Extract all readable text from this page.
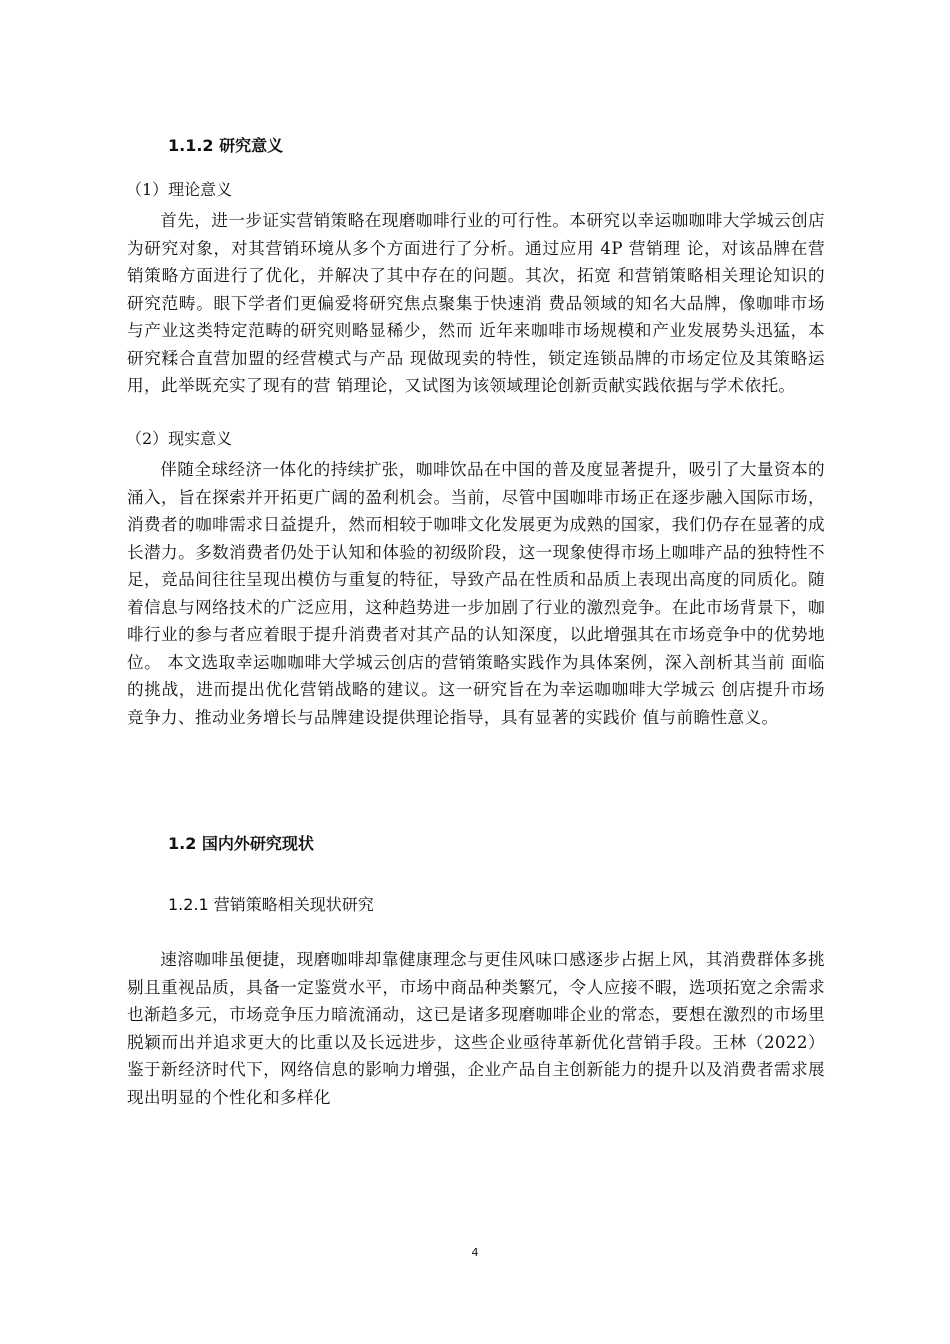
1.1.2 研究意义
（1）理论意义

首先，进一步证实营销策略在现磨咖啡行业的可行性。本研究以幸运咖咖啡大学城云创店为研究对象，对其营销环境从多个方面进行了分析。通过应用 4P 营销理 论，对该品牌在营销策略方面进行了优化，并解决了其中存在的问题。其次，拓宽 和营销策略相关理论知识的研究范畴。眼下学者们更偏爱将研究焦点聚集于快速消 费品领域的知名大品牌，像咖啡市场与产业这类特定范畴的研究则略显稀少，然而 近年来咖啡市场规模和产业发展势头迅猛，本研究糅合直营加盟的经营模式与产品 现做现卖的特性，锁定连锁品牌的市场定位及其策略运用，此举既充实了现有的营 销理论，又试图为该领域理论创新贡献实践依据与学术依托。

（2）现实意义

伴随全球经济一体化的持续扩张，咖啡饮品在中国的普及度显著提升，吸引了大量资本的涌入，旨在探索并开拓更广阔的盈利机会。当前，尽管中国咖啡市场正在逐步融入国际市场，消费者的咖啡需求日益提升，然而相较于咖啡文化发展更为成熟的国家，我们仍存在显著的成长潜力。多数消费者仍处于认知和体验的初级阶段，这一现象使得市场上咖啡产品的独特性不足，竞品间往往呈现出模仿与重复的特征，导致产品在性质和品质上表现出高度的同质化。随着信息与网络技术的广泛应用，这种趋势进一步加剧了行业的激烈竞争。在此市场背景下，咖啡行业的参与者应着眼于提升消费者对其产品的认知深度，以此增强其在市场竞争中的优势地位。 本文选取幸运咖咖啡大学城云创店的营销策略实践作为具体案例，深入剖析其当前 面临的挑战，进而提出优化营销战略的建议。这一研究旨在为幸运咖咖啡大学城云 创店提升市场竞争力、推动业务增长与品牌建设提供理论指导，具有显著的实践价 值与前瞻性意义。

1.2 国内外研究现状
1.2.1 营销策略相关现状研究

速溶咖啡虽便捷，现磨咖啡却靠健康理念与更佳风味口感逐步占据上风，其消费群体多挑剔且重视品质，具备一定鉴赏水平，市场中商品种类繁冗，令人应接不暇，选项拓宽之余需求也渐趋多元，市场竞争压力暗流涌动，这已是诸多现磨咖啡企业的常态，要想在激烈的市场里脱颖而出并追求更大的比重以及长远进步，这些企业亟待革新优化营销手段。王林（2022）鉴于新经济时代下，网络信息的影响力增强，企业产品自主创新能力的提升以及消费者需求展现出明显的个性化和多样化

4
